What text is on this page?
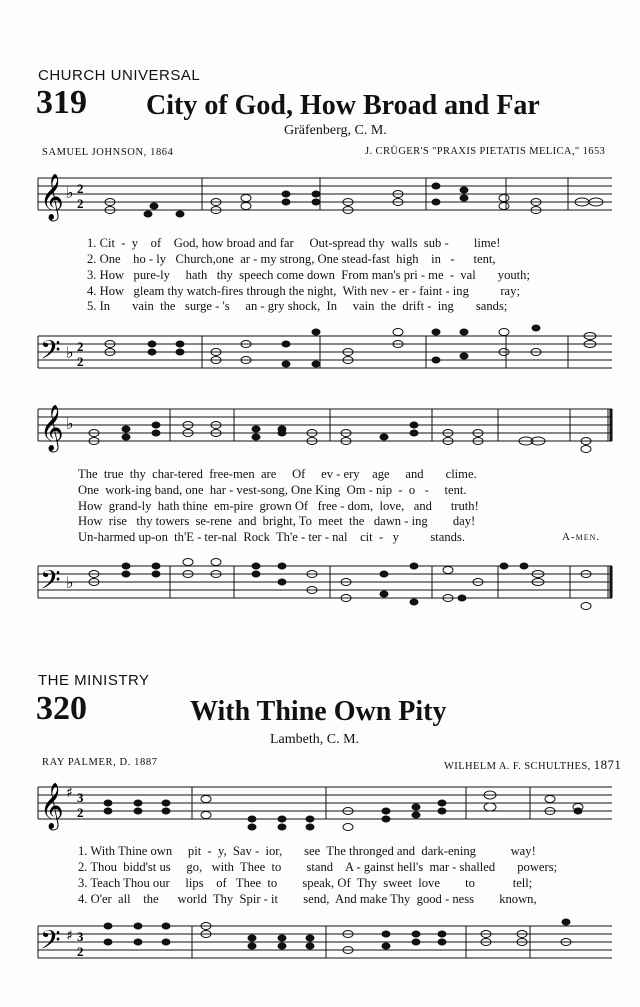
CHURCH UNIVERSAL
319 City of God, How Broad and Far
Gräfenberg, C. M.
SAMUEL JOHNSON, 1864	J. CRÜGER'S "PRAXIS PIETATIS MELICA," 1653
𝄞 ♭ 2
2
1. Cit  -  y    of    God, how broad and far     Out-spread thy  walls  sub -        lime!
2. One    ho - ly   Church,one  ar - my strong, One stead-fast  high    in   -      tent,
3. How   pure-ly     hath   thy  speech come down  From man's pri - me  -  val       youth;
4. How   gleam thy watch-fires through the night,  With nev - er - faint - ing          ray;
5. In       vain  the   surge - 's     an - gry shock,  In     vain  the  drift -  ing       sands;
𝄢 ♭ 2
2
𝄞 ♭
The  true  thy  char-tered  free-men  are     Of     ev - ery    age     and       clime.
One  work-ing band, one  har - vest-song, One King  Om - nip  -  o   -     tent.
How  grand-ly  hath thine  em-pire  grown Of   free - dom,  love,   and      truth!
How  rise   thy towers  se-rene  and  bright, To  meet  the   dawn - ing        day!
Un-harmed up-on  th'E - ter-nal  Rock  Th'e - ter - nal    cit  -   y          stands.	A-men.
𝄢 ♭
THE MINISTRY
320	With Thine Own Pity
Lambeth, C. M.
RAY PALMER, D. 1887	WILHELM A. F. SCHULTHES, 1871
𝄞 ♯ 3
2
1. With Thine own     pit  -  y,  Sav -  ior,       see  The thronged and  dark-ening           way!
2. Thou  bidd'st us     go,   with  Thee  to        stand    A - gainst hell's  mar - shalled       powers;
3. Teach Thou our     lips    of   Thee  to        speak, Of  Thy  sweet  love        to            tell;
4. O'er  all    the      world  Thy  Spir - it        send,  And make Thy  good - ness        known,
𝄢 ♯ 3
2
